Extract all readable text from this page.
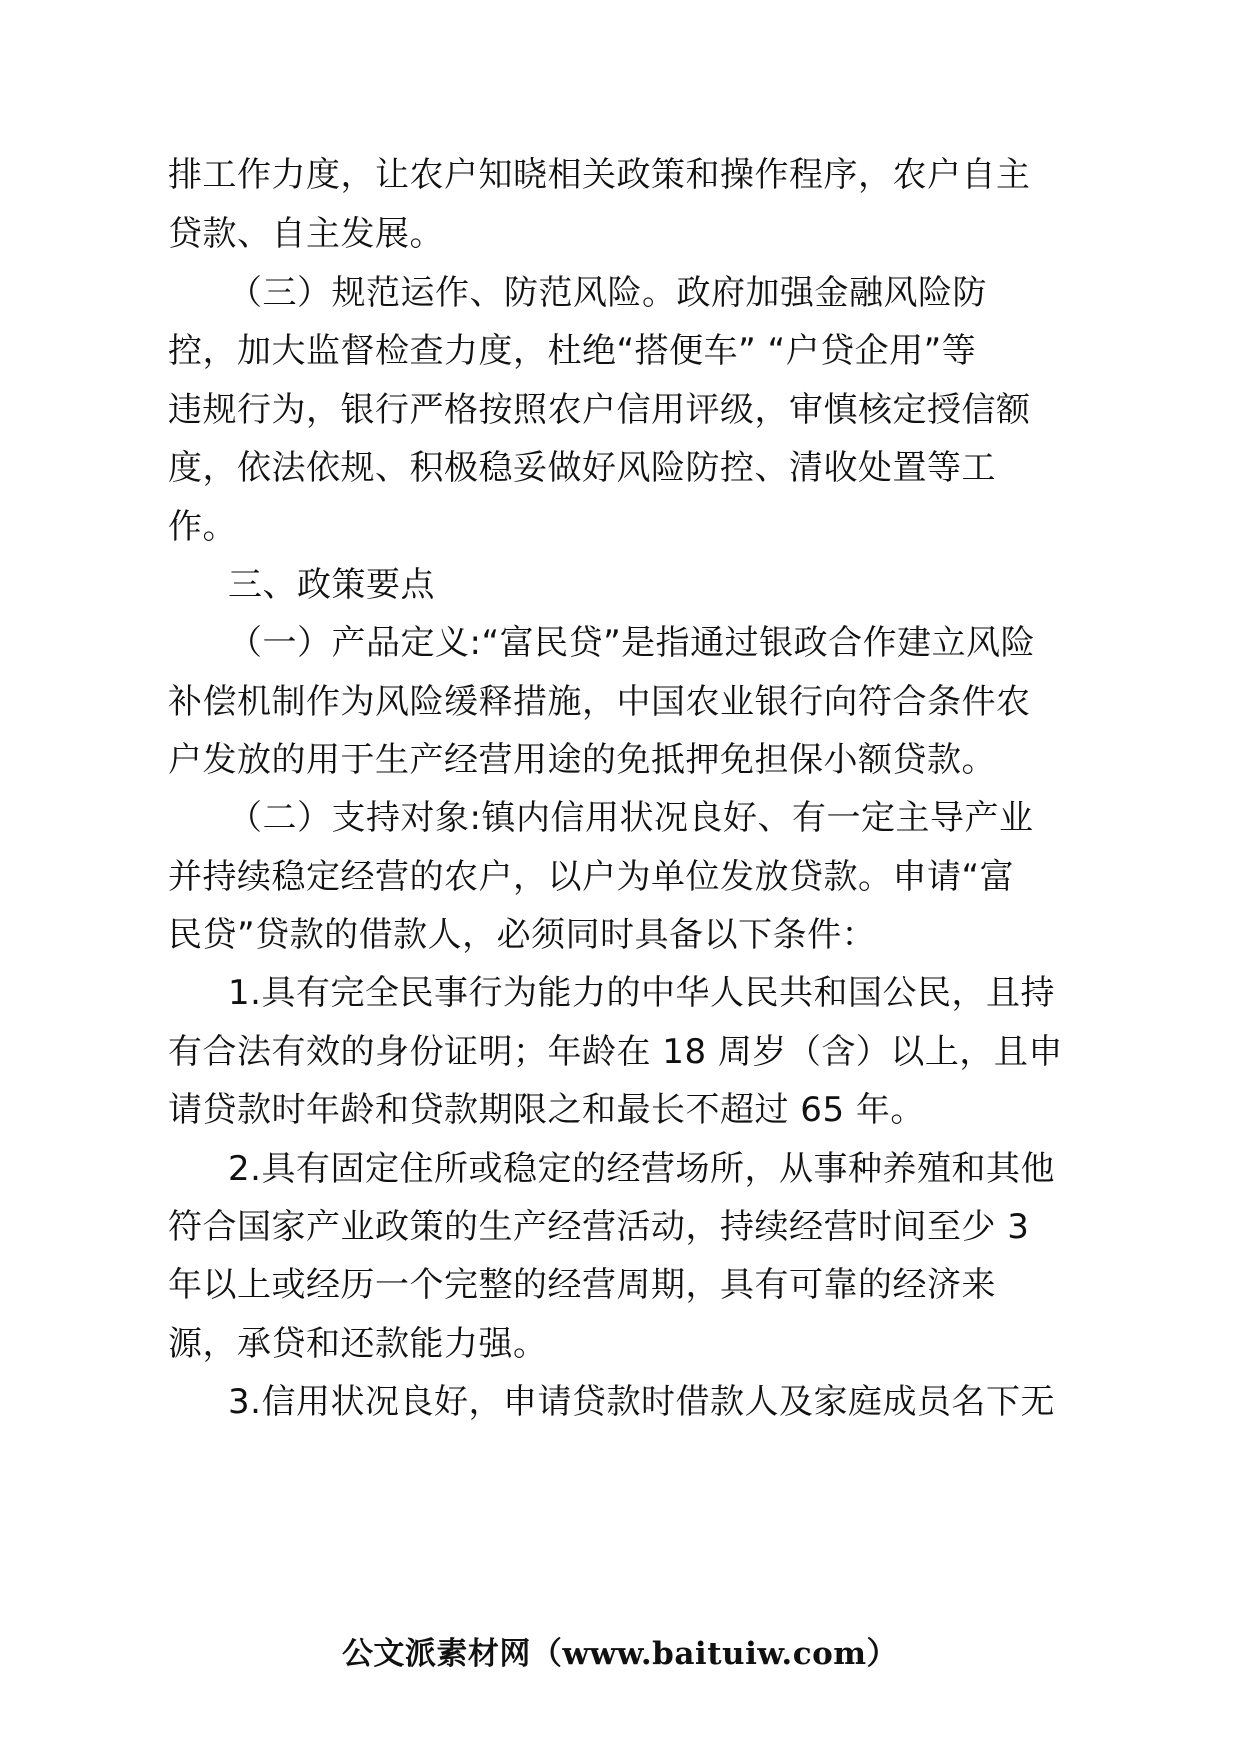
排工作力度，让农户知晓相关政策和操作程序，农户自主
贷款、自主发展。
（三）规范运作、防范风险。政府加强金融风险防
控，加大监督检查力度，杜绝“搭便车” “户贷企用”等
违规行为，银行严格按照农户信用评级，审慎核定授信额
度，依法依规、积极稳妥做好风险防控、清收处置等工
作。
三、政策要点
（一）产品定义:“富民贷”是指通过银政合作建立风险
补偿机制作为风险缓释措施，中国农业银行向符合条件农
户发放的用于生产经营用途的免抵押免担保小额贷款。
（二）支持对象:镇内信用状况良好、有一定主导产业
并持续稳定经营的农户，以户为单位发放贷款。申请“富
民贷”贷款的借款人，必须同时具备以下条件：
1.具有完全民事行为能力的中华人民共和国公民，且持
有合法有效的身份证明；年龄在 18 周岁（含）以上，且申
请贷款时年龄和贷款期限之和最长不超过 65 年。
2.具有固定住所或稳定的经营场所，从事种养殖和其他
符合国家产业政策的生产经营活动，持续经营时间至少 3
年以上或经历一个完整的经营周期，具有可靠的经济来
源，承贷和还款能力强。
3.信用状况良好，申请贷款时借款人及家庭成员名下无
公文派素材网（www.baituiw.com）
